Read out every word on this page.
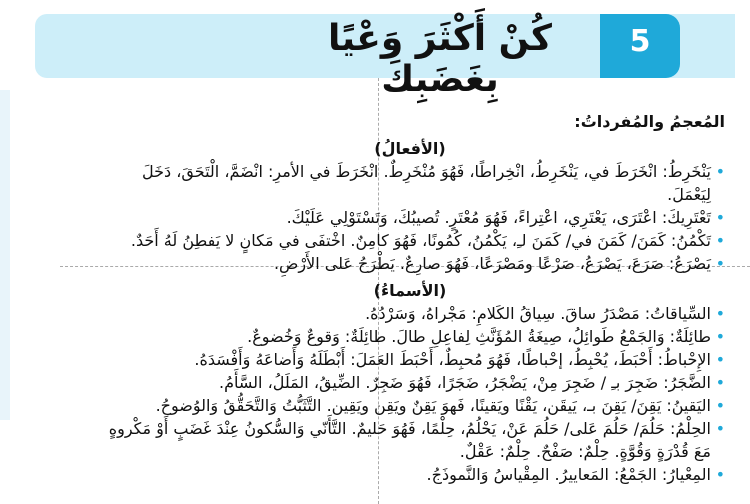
5
كُنْ أَكْثَرَ وَعْيًا بِغَضَبِكَ

المُعجمُ والمُفرداتُ:

(الأفعالُ)

•
يَنْخَرِطُ: انْخَرَطَ في، يَنْخَرِطُ، انْخِراطًا، فَهُوَ مُنْخَرِطٌ. انْخَرَطَ في الأمرِ: انْضَمَّ، الْتَحَقَ، دَخَلَ لِيَعْمَلَ.
•
تَعْتَرِيكَ: اعْتَرَى، يَعْتَرِي، اعْتِراءً، فَهُوَ مُعْتَرٍ. تُصيبُكَ، وَتَسْتَوْلِي عَلَيْكَ.
•
تَكْمُنُ: كَمَنَ/ كَمَنَ في/ كَمَنَ لـِ، يَكْمُنُ، كُمُونًا، فَهُوَ كامِنٌ. اخْتفَى في مَكانٍ لا يَفطِنُ لَهُ أَحَدٌ.
•
يَصْرَعُ: صَرَعَ، يَصْرَعُ، صَرْعًا ومَصْرَعًا، فَهُوَ صارِعٌ. يَطْرَحُ عَلى الأَرْضِ.

(الأسماءُ)

•
السِّياقاتُ: مَصْدَرُ ساقَ. سِياقُ الكَلامِ: مَجْراهُ، وَسَرْدُهُ.
•
طائِلَةٌ: وَالجَمْعُ طَوائِلُ، صِيغَةُ المُؤَنَّثِ لِفاعِلِ طالَ. طائِلَةٌ: وَقوعٌ وَخُضوعٌ.
•
الإِحْباطُ: أَحْبَطَ، يُحْبِطُ، إحْباطًا، فَهُوَ مُحبِطٌ، أَحْبَطَ العَمَلَ: أَبْطَلَهُ وَأَضاعَهُ وَأَفْسَدَهُ.
•
الضَّجَرُ: ضَجِرَ بـِ / ضَجِرَ مِنْ، يَضْجَرُ، ضَجَرًا، فَهُوَ ضَجِرٌ. الضِّيقُ، المَلَلُ، السَّأَمُ.
•
اليَقينُ: يَقِنَ/ يَقِنَ بـ، يَيقَن، يَقْنًا ويَقينًا، فَهوَ يَقِنٌ ويَقِن ويَقِين. التَّثَبُّتُ وَالتَّحَقُّقُ وَالوُضوحُ.
•
الحِلْمُ: حَلُمَ/ حَلُمَ عَلى/ حَلُمَ عَنْ، يَحْلُمُ، حِلْمًا، فَهُوَ حَليمٌ. التَّأَنّي وَالسُّكونُ عِنْدَ غَضَبٍ أَوْ مَكْروهٍ مَعَ قُدْرَةٍ وَقُوَّةٍ. حِلْمٌ: صَفْحٌ. حِلْمٌ: عَقْلٌ.
•
المِعْيارُ: الجَمْعُ: المَعاييرُ. المِقْياسُ وَالنَّموذَجُ.
